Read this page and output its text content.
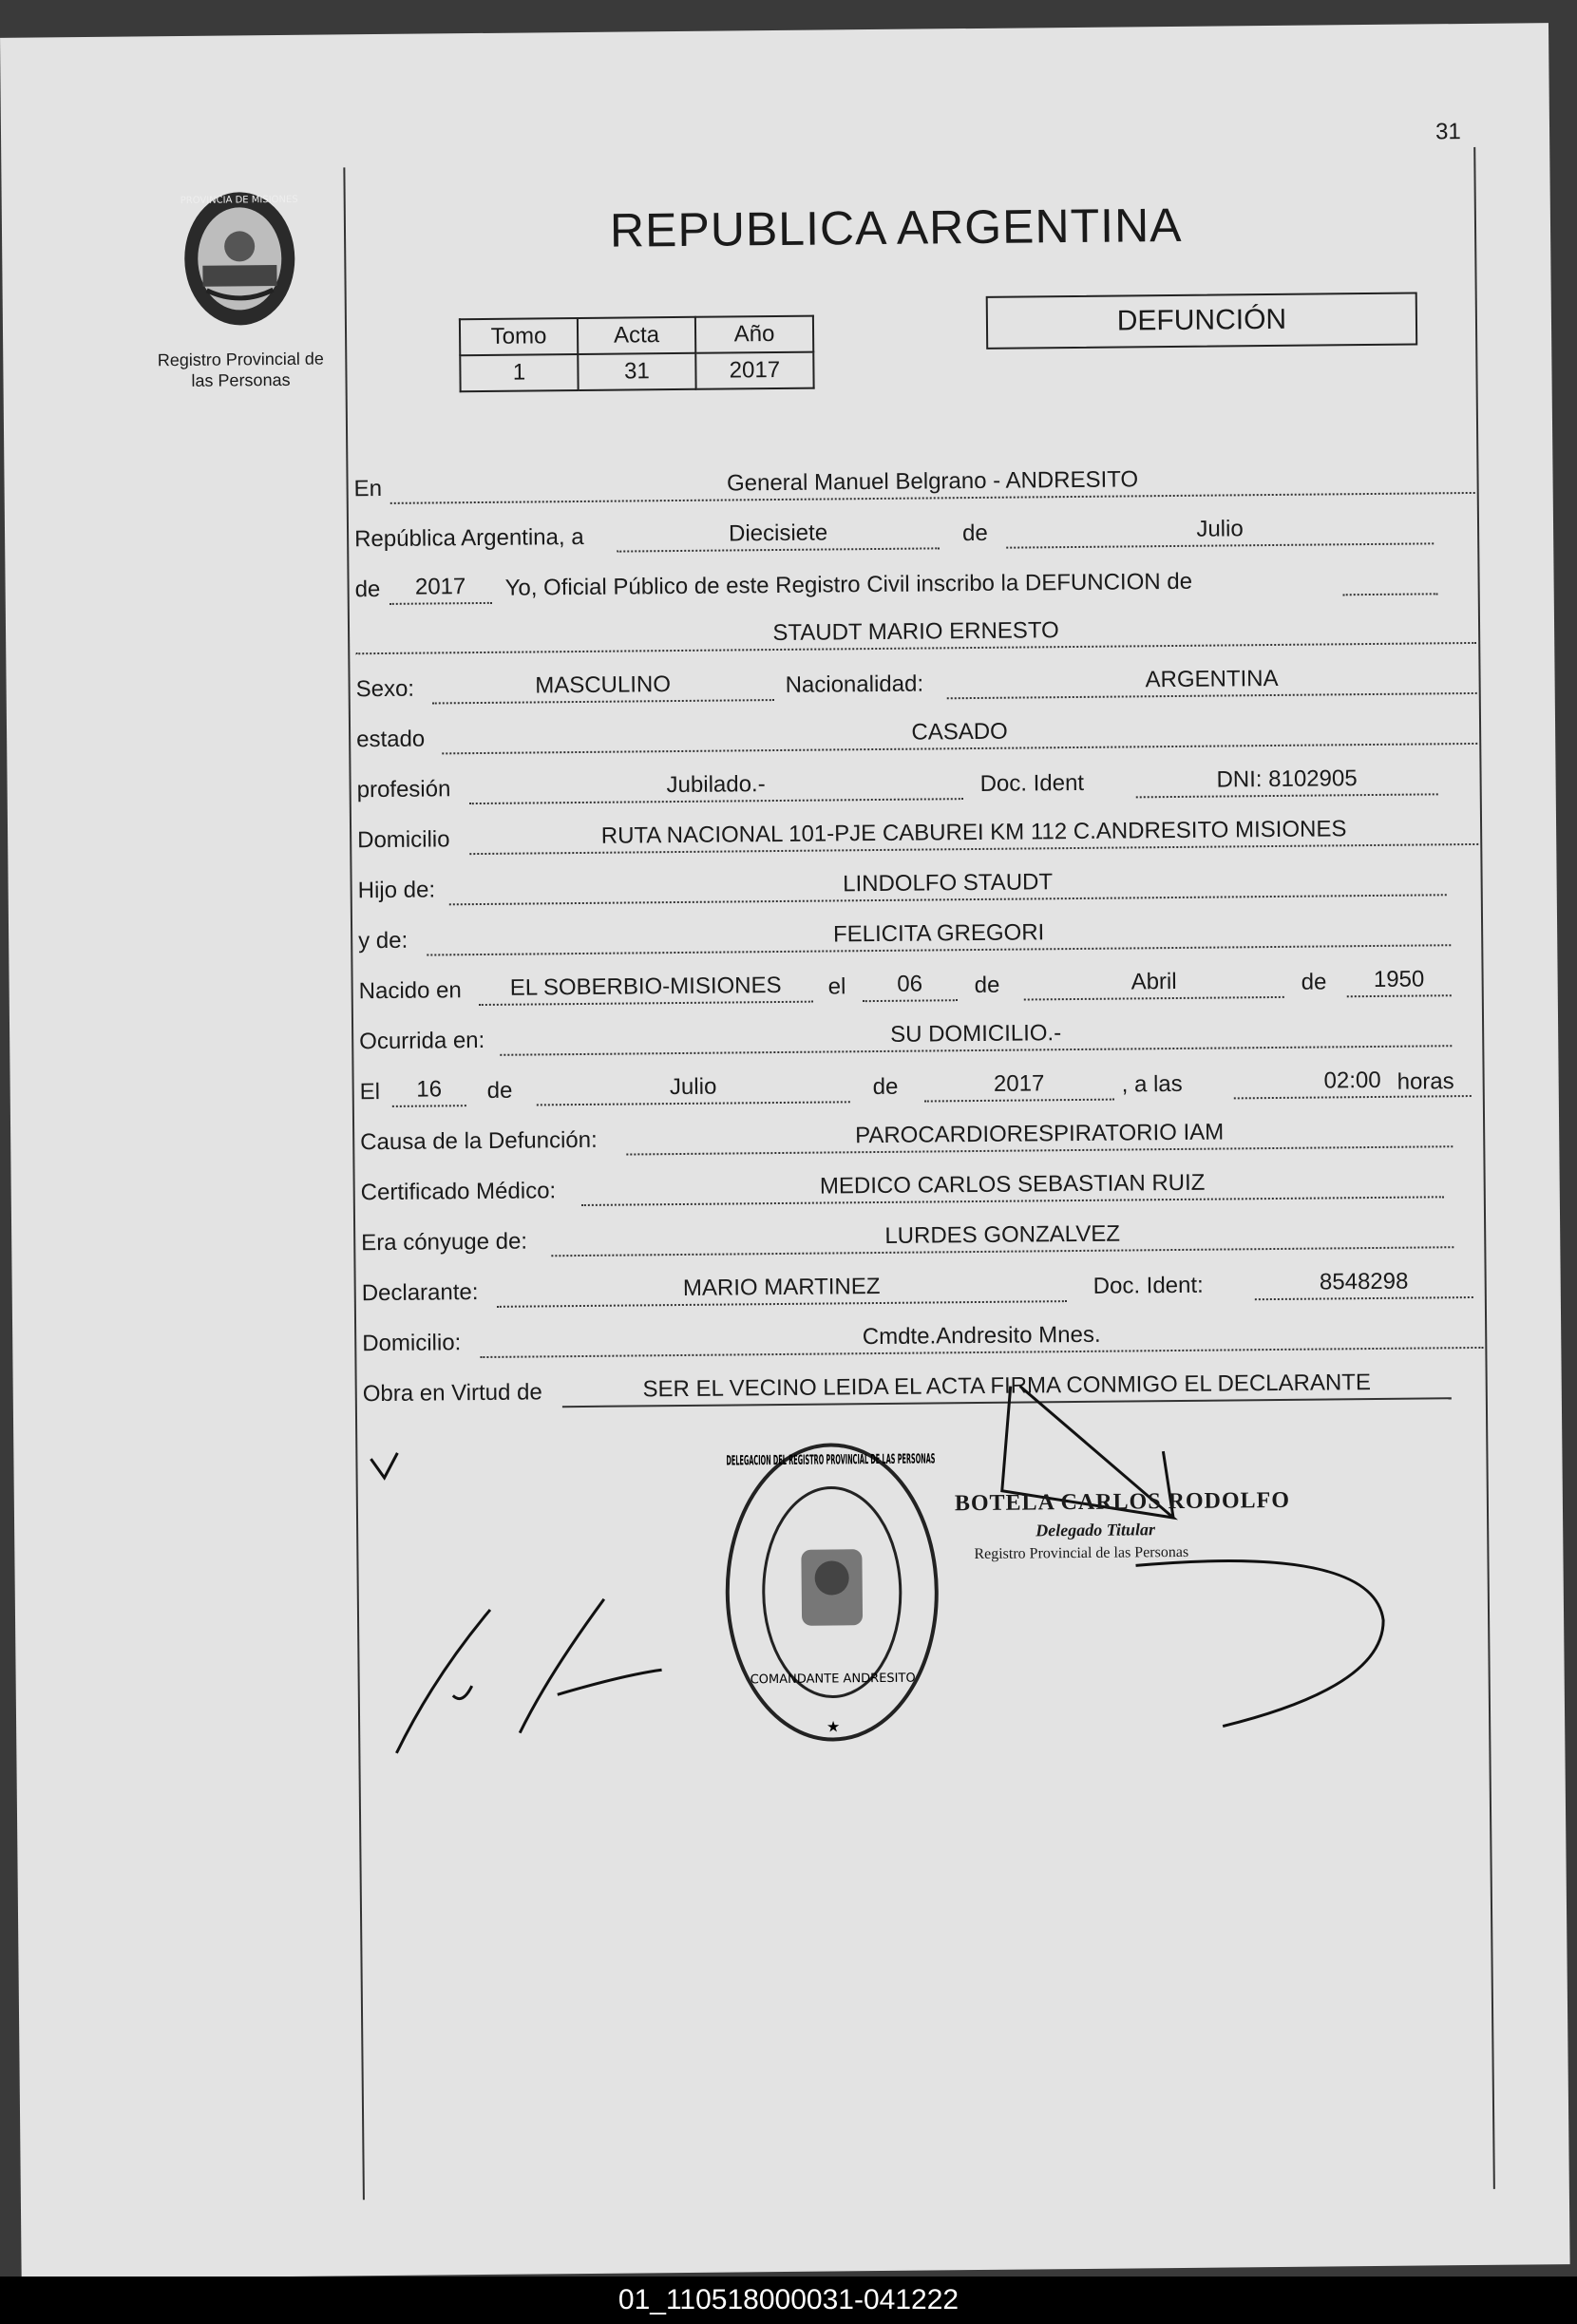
31
PROVINCIA DE MISIONES
Registro Provincial de las Personas
REPUBLICA ARGENTINA
Tomo	Acta	Año
1	31	2017
DEFUNCIÓN
En	General Manuel Belgrano - ANDRESITO
República Argentina, a	Diecisiete	de	Julio
de	2017	Yo, Oficial Público de este Registro Civil inscribo la DEFUNCION de
STAUDT MARIO ERNESTO
Sexo:	MASCULINO	Nacionalidad:	ARGENTINA
estado	CASADO
profesión	Jubilado.-	Doc. Ident	DNI: 8102905
Domicilio	RUTA NACIONAL 101-PJE CABUREI KM 112 C.ANDRESITO MISIONES
Hijo de:	LINDOLFO STAUDT
y de:	FELICITA GREGORI
Nacido en	EL SOBERBIO-MISIONES	el	06	de	Abril	de	1950
Ocurrida en:	SU DOMICILIO.-
El	16	de	Julio	de	2017	, a las	02:00 horas
Causa de la Defunción:	PAROCARDIORESPIRATORIO IAM
Certificado Médico:	MEDICO CARLOS SEBASTIAN RUIZ
Era cónyuge de:	LURDES GONZALVEZ
Declarante:	MARIO MARTINEZ	Doc. Ident:	8548298
Domicilio:	Cmdte.Andresito Mnes.
Obra en Virtud de	SER EL VECINO LEIDA EL ACTA FIRMA CONMIGO EL DECLARANTE
DELEGACION DEL REGISTRO PROVINCIAL DE LAS PERSONAS
COMANDANTE ANDRESITO
★
BOTELA CARLOS RODOLFO
Delegado Titular
Registro Provincial de las Personas
01_110518000031-041222
